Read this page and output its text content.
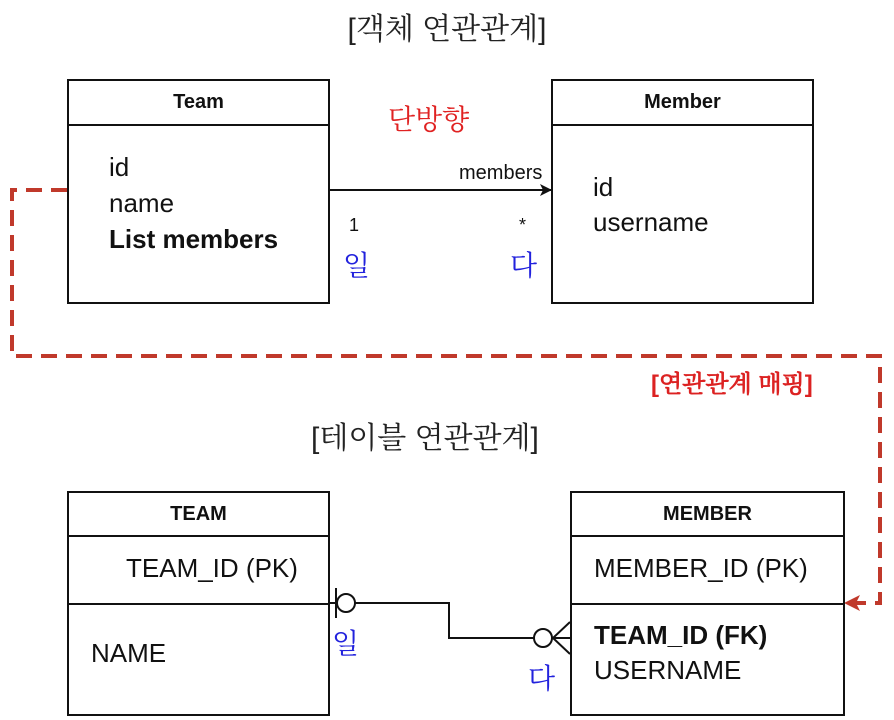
[객체 연관관계]
단방향
Team
id
name
List members
Member
id
username
members
1	*
일	다
[연관관계 매핑]
[테이블 연관관계]
TEAM
TEAM_ID (PK)
NAME
MEMBER
MEMBER_ID (PK)
TEAM_ID (FK)
USERNAME
일
다
